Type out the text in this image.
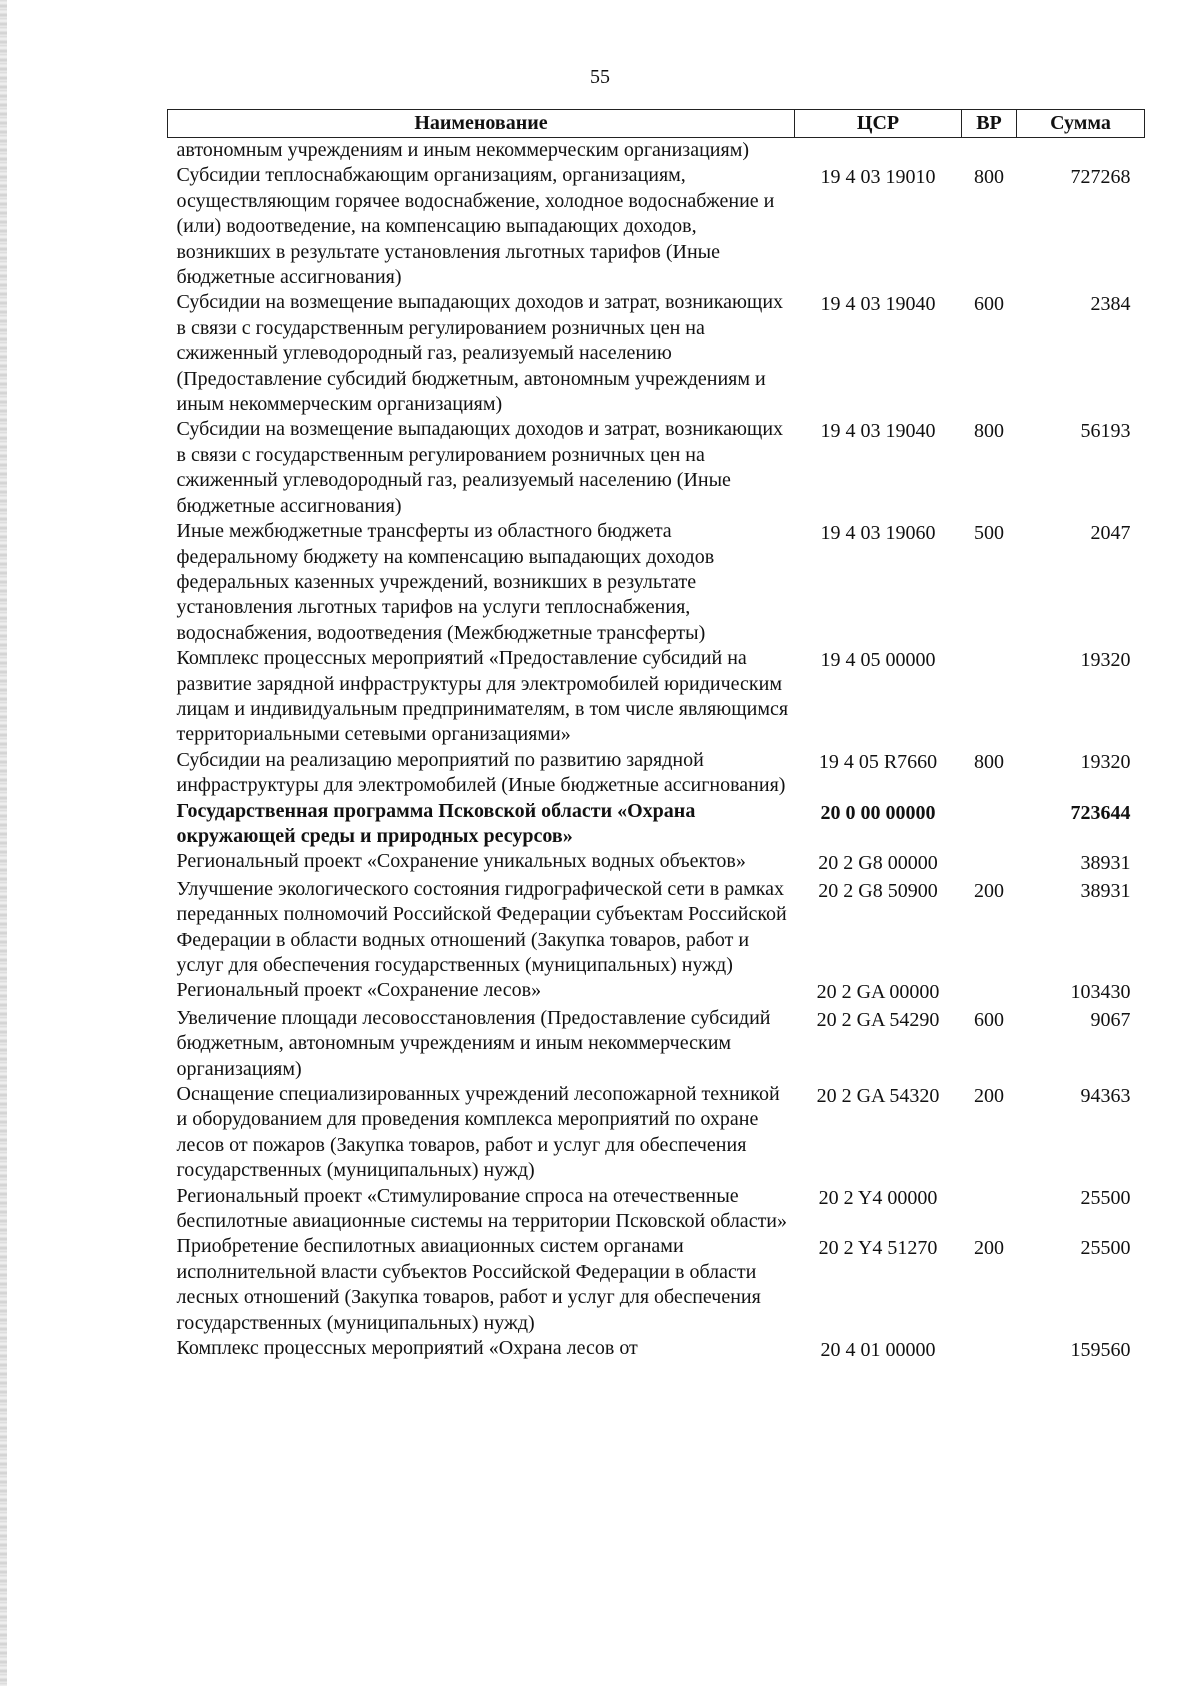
55
Наименование	ЦСР	ВР	Сумма
автономным учреждениям и иным некоммерческим организациям)			
Субсидии теплоснабжающим организациям, организациям, осуществляющим горячее водоснабжение, холодное водоснабжение и (или) водоотведение, на компенсацию выпадающих доходов, возникших в результате установления льготных тарифов (Иные бюджетные ассигнования)	19 4 03 19010	800	727268
Субсидии на возмещение выпадающих доходов и затрат, возникающих в связи с государственным регулированием розничных цен на сжиженный углеводородный газ, реализуемый населению (Предоставление субсидий бюджетным, автономным учреждениям и иным некоммерческим организациям)	19 4 03 19040	600	2384
Субсидии на возмещение выпадающих доходов и затрат, возникающих в связи с государственным регулированием розничных цен на сжиженный углеводородный газ, реализуемый населению (Иные бюджетные ассигнования)	19 4 03 19040	800	56193
Иные межбюджетные трансферты из областного бюджета федеральному бюджету на компенсацию выпадающих доходов федеральных казенных учреждений, возникших в результате установления льготных тарифов на услуги теплоснабжения, водоснабжения, водоотведения (Межбюджетные трансферты)	19 4 03 19060	500	2047
Комплекс процессных мероприятий «Предоставление субсидий на развитие зарядной инфраструктуры для электромобилей юридическим лицам и индивидуальным предпринимателям, в том числе являющимся территориальными сетевыми организациями»	19 4 05 00000		19320
Субсидии на реализацию мероприятий по развитию зарядной инфраструктуры для электромобилей (Иные бюджетные ассигнования)	19 4 05 R7660	800	19320
Государственная программа Псковской области «Охрана окружающей среды и природных ресурсов»	20 0 00 00000		723644
Региональный проект «Сохранение уникальных водных объектов»	20 2 G8 00000		38931
Улучшение экологического состояния гидрографической сети в рамках переданных полномочий Российской Федерации субъектам Российской Федерации в области водных отношений (Закупка товаров, работ и услуг для обеспечения государственных (муниципальных) нужд)	20 2 G8 50900	200	38931
Региональный проект «Сохранение лесов»	20 2 GA 00000		103430
Увеличение площади лесовосстановления (Предоставление субсидий бюджетным, автономным учреждениям и иным некоммерческим организациям)	20 2 GA 54290	600	9067
Оснащение специализированных учреждений лесопожарной техникой и оборудованием для проведения комплекса мероприятий по охране лесов от пожаров (Закупка товаров, работ и услуг для обеспечения государственных (муниципальных) нужд)	20 2 GA 54320	200	94363
Региональный проект «Стимулирование спроса на отечественные беспилотные авиационные системы на территории Псковской области»	20 2 Y4 00000		25500
Приобретение беспилотных авиационных систем органами исполнительной власти субъектов Российской Федерации в области лесных отношений (Закупка товаров, работ и услуг для обеспечения государственных (муниципальных) нужд)	20 2 Y4 51270	200	25500
Комплекс процессных мероприятий «Охрана лесов от	20 4 01 00000		159560
